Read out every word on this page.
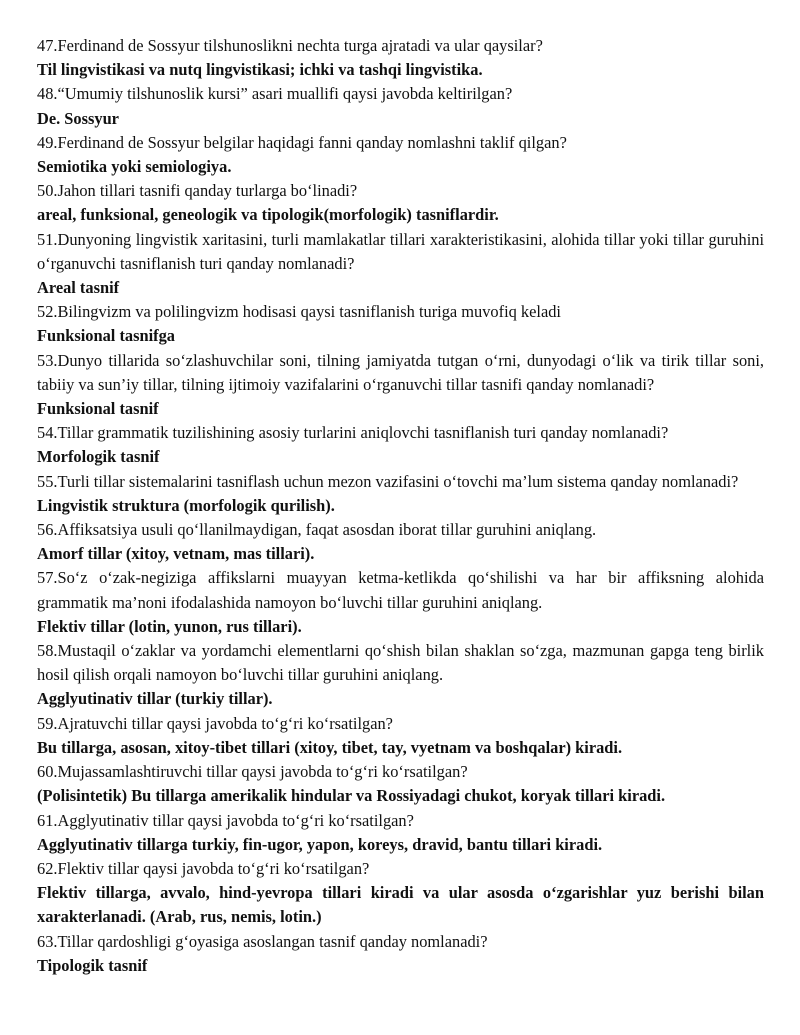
47.Ferdinand de Sossyur tilshunoslikni nechta turga ajratadi va ular qaysilar?

Til lingvistikasi va nutq lingvistikasi; ichki va tashqi lingvistika.

48.“Umumiy tilshunoslik kursi” asari muallifi qaysi javobda keltirilgan?

De. Sossyur

49.Ferdinand de Sossyur belgilar haqidagi fanni qanday nomlashni taklif qilgan?

Semiotika yoki semiologiya.

50.Jahon tillari tasnifi qanday turlarga bo‘linadi?

areal, funksional, geneologik va tipologik(morfologik) tasniflardir.

51.Dunyoning lingvistik xaritasini, turli mamlakatlar tillari xarakteristikasini, alohida tillar yoki tillar guruhini o‘rganuvchi tasniflanish turi qanday nomlanadi?

Areal tasnif

52.Bilingvizm va polilingvizm hodisasi qaysi tasniflanish turiga muvofiq keladi

Funksional tasnifga

53.Dunyo tillarida so‘zlashuvchilar soni, tilning jamiyatda tutgan o‘rni, dunyodagi o‘lik va tirik tillar soni, tabiiy va sun’iy tillar, tilning ijtimoiy vazifalarini o‘rganuvchi tillar tasnifi qanday nomlanadi?

Funksional tasnif

54.Tillar grammatik tuzilishining asosiy turlarini aniqlovchi tasniflanish turi qanday nomlanadi?

Morfologik tasnif

55.Turli tillar sistemalarini tasniflash uchun mezon vazifasini o‘tovchi ma’lum sistema qanday nomlanadi?

Lingvistik struktura (morfologik qurilish).

56.Affiksatsiya usuli qo‘llanilmaydigan, faqat asosdan iborat tillar guruhini aniqlang.

Amorf tillar (xitoy, vetnam, mas tillari).

57.So‘z o‘zak-negiziga affikslarni muayyan ketma-ketlikda qo‘shilishi va har bir affiksning alohida grammatik ma’noni ifodalashida namoyon bo‘luvchi tillar guruhini aniqlang.

Flektiv tillar (lotin, yunon, rus tillari).

58.Mustaqil o‘zaklar va yordamchi elementlarni qo‘shish bilan shaklan so‘zga, mazmunan gapga teng birlik hosil qilish orqali namoyon bo‘luvchi tillar guruhini aniqlang.

Agglyutinativ tillar (turkiy tillar).

59.Ajratuvchi tillar qaysi javobda to‘g‘ri ko‘rsatilgan?

Bu tillarga, asosan, xitoy-tibet tillari (xitoy, tibet, tay, vyetnam va boshqalar) kiradi.

60.Mujassamlashtiruvchi tillar qaysi javobda to‘g‘ri ko‘rsatilgan?

(Polisintetik) Bu tillarga amerikalik hindular va Rossiyadagi chukot, koryak tillari kiradi.

61.Agglyutinativ tillar qaysi javobda to‘g‘ri ko‘rsatilgan?

Agglyutinativ tillarga turkiy, fin-ugor, yapon, koreys, dravid, bantu tillari kiradi.

62.Flektiv tillar qaysi javobda to‘g‘ri ko‘rsatilgan?

Flektiv tillarga, avvalo, hind-yevropa tillari kiradi va ular asosda o‘zgarishlar yuz berishi bilan xarakterlanadi. (Arab, rus, nemis, lotin.)

63.Tillar qardoshligi g‘oyasiga asoslangan tasnif qanday nomlanadi?

Tipologik tasnif
